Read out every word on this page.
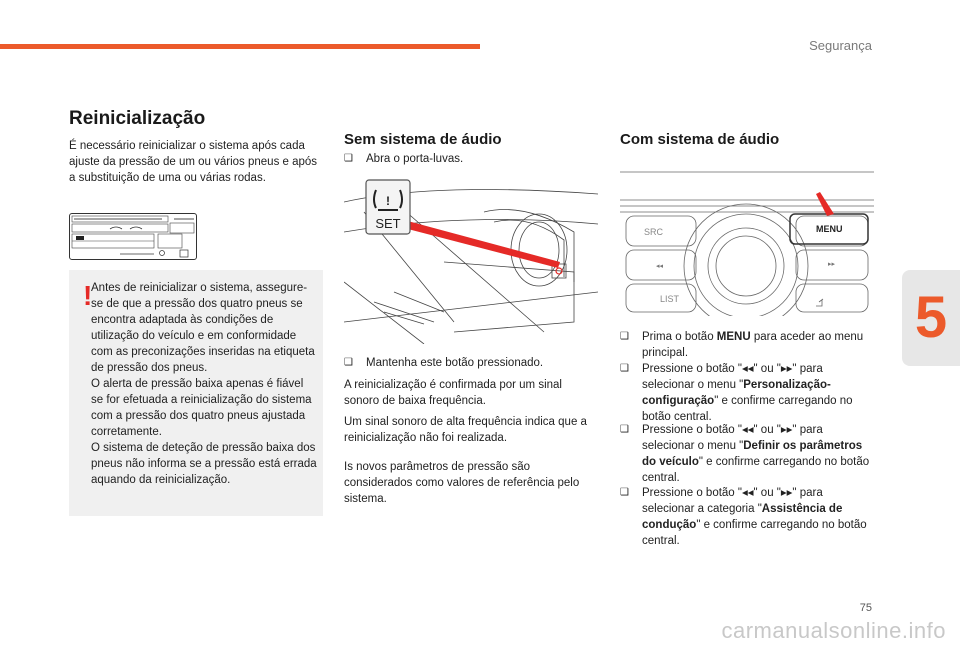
Segurança
5
Reinicialização

É necessário reinicializar o sistema após cada ajuste da pressão de um ou vários pneus e após a substituição de uma ou várias rodas.

!

Antes de reinicializar o sistema, assegure-se de que a pressão dos quatro pneus se encontra adaptada às condições de utilização do veículo e em conformidade com as preconizações inseridas na etiqueta de pressão dos pneus.
O alerta de pressão baixa apenas é fiável se for efetuada a reinicialização do sistema com a pressão dos quatro pneus ajustada corretamente.
O sistema de deteção de pressão baixa dos pneus não informa se a pressão está errada aquando da reinicialização.

Sem sistema de áudio
❑ Abra o porta-luvas.
!
SET
❑ Mantenha este botão pressionado.

A reinicialização é confirmada por um sinal sonoro de baixa frequência.

Um sinal sonoro de alta frequência indica que a reinicialização não foi realizada.

Is novos parâmetros de pressão são considerados como valores de referência pelo sistema.

Com sistema de áudio
◂◂	▸▸
SRC
LIST
MENU
❑ Prima o botão MENU para aceder ao menu principal.
❑ Pressione o botão "◂◂" ou "▸▸" para selecionar o menu "Personalização-configuração" e confirme carregando no botão central.
❑ Pressione o botão "◂◂" ou "▸▸" para selecionar o menu "Definir os parâmetros do veículo" e confirme carregando no botão central.
❑ Pressione o botão "◂◂" ou "▸▸" para selecionar a categoria "Assistência de condução" e confirme carregando no botão central.
75
carmanualsonline.info
